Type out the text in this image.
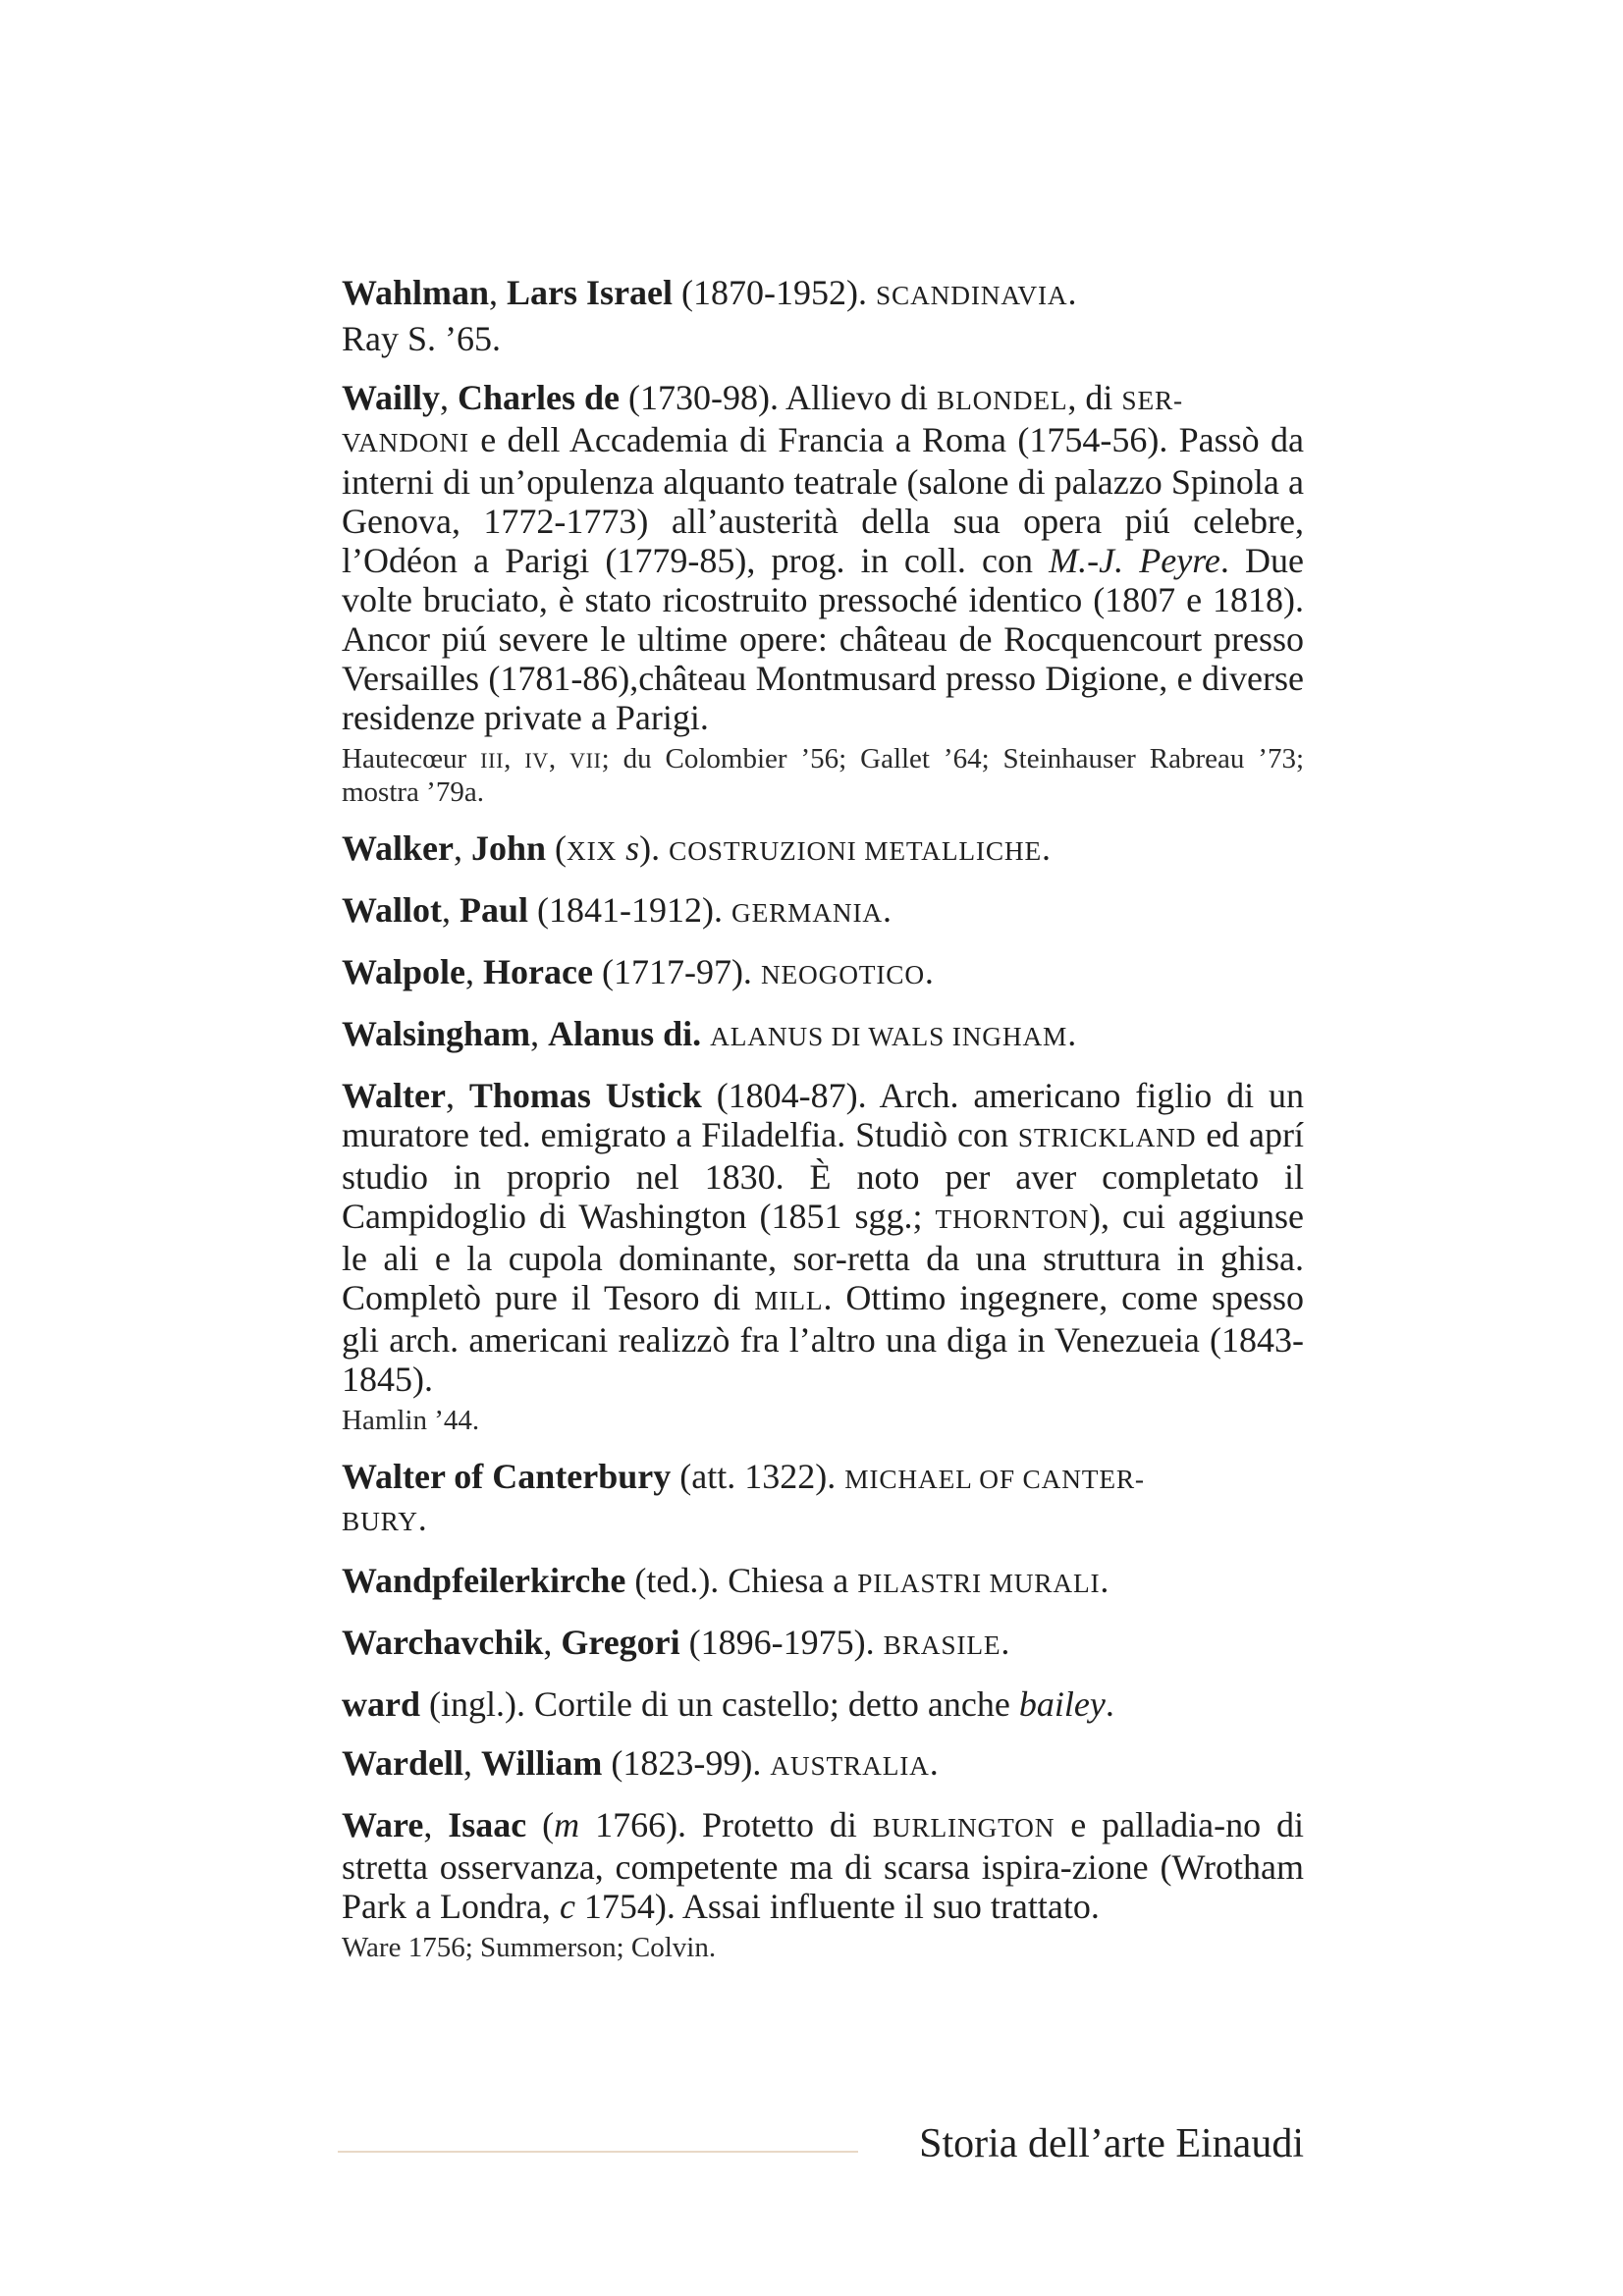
Wahlman, Lars Israel (1870-1952). SCANDINAVIA.

Ray S. ’65.

Wailly, Charles de (1730-98). Allievo di BLONDEL, di SER-
VANDONI e dell Accademia di Francia a Roma (1754-56). Passò da interni di un’opulenza alquanto teatrale (salone di palazzo Spinola a Genova, 1772-1773) all’austerità della sua opera piú celebre, l’Odéon a Parigi (1779-85), prog. in coll. con M.-J. Peyre. Due volte bruciato, è stato ricostruito pressoché identico (1807 e 1818). Ancor piú severe le ultime opere: château de Rocquencourt presso Versailles (1781-86),château Montmusard presso Digione, e diverse residenze private a Parigi.

Hautecœur III, IV, VII; du Colombier ’56; Gallet ’64; Steinhauser Rabreau ’73; mostra ’79a.

Walker, John (XIX s). COSTRUZIONI METALLICHE.

Wallot, Paul (1841-1912). GERMANIA.

Walpole, Horace (1717-97). NEOGOTICO.

Walsingham, Alanus di. ALANUS DI WALS INGHAM.

Walter, Thomas Ustick (1804-87). Arch. americano figlio di un muratore ted. emigrato a Filadelfia. Studiò con STRICKLAND ed aprí studio in proprio nel 1830. È noto per aver completato il Campidoglio di Washington (1851 sgg.; THORNTON), cui aggiunse le ali e la cupola dominante, sor-retta da una struttura in ghisa. Completò pure il Tesoro di MILL. Ottimo ingegnere, come spesso gli arch. americani realizzò fra l’altro una diga in Venezueia (1843-1845).

Hamlin ’44.

Walter of Canterbury (att. 1322). MICHAEL OF CANTER-
BURY.

Wandpfeilerkirche (ted.). Chiesa a PILASTRI MURALI.

Warchavchik, Gregori (1896-1975). BRASILE.

ward (ingl.). Cortile di un castello; detto anche bailey.

Wardell, William (1823-99). AUSTRALIA.

Ware, Isaac (m 1766). Protetto di BURLINGTON e palladia-no di stretta osservanza, competente ma di scarsa ispira-zione (Wrotham Park a Londra, c 1754). Assai influente il suo trattato.

Ware 1756; Summerson; Colvin.

Storia dell’arte Einaudi
